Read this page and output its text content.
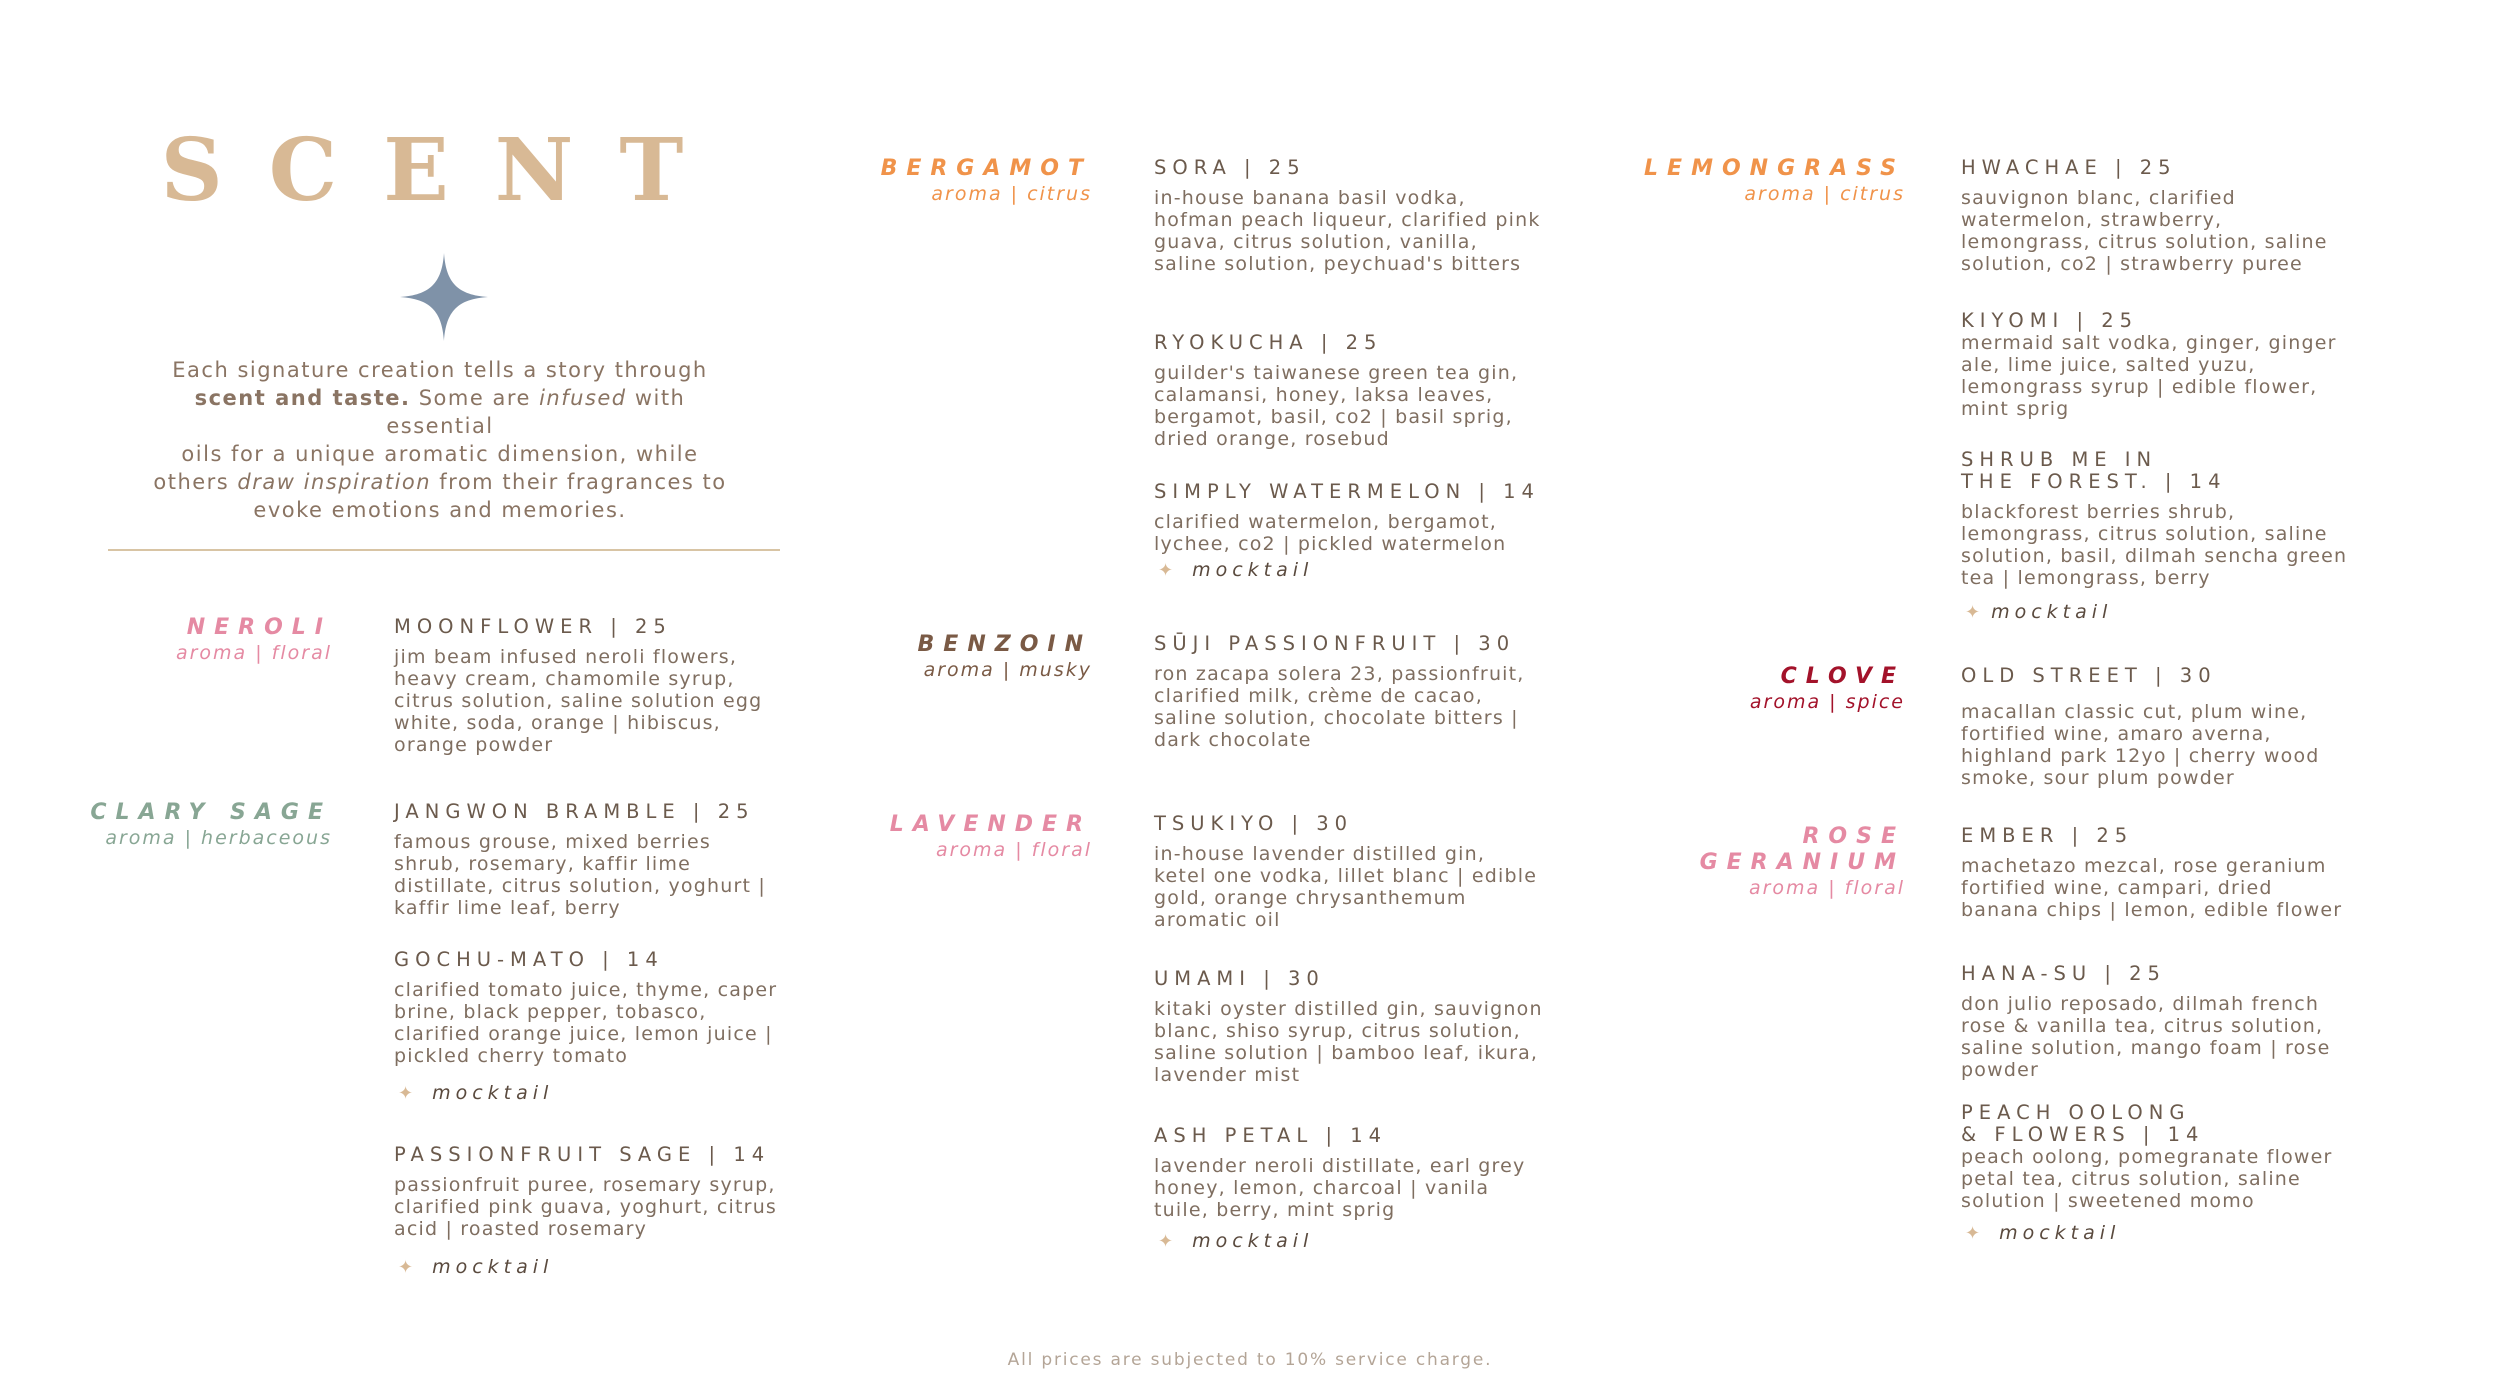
SCENT
Each signature creation tells a story through
scent and taste. Some are infused with essential
oils for a unique aromatic dimension, while
others draw inspiration from their fragrances to
evoke emotions and memories.
NEROLI
aroma | floral
CLARY SAGE
aroma | herbaceous
MOONFLOWER | 25
jim beam infused neroli flowers, heavy cream, chamomile syrup, citrus solution, saline solution egg white, soda, orange | hibiscus, orange powder
JANGWON BRAMBLE | 25
famous grouse, mixed berries shrub, rosemary, kaffir lime distillate, citrus solution, yoghurt | kaffir lime leaf, berry
GOCHU-MATO | 14
clarified tomato juice, thyme, caper brine, black pepper, tobasco, clarified orange juice, lemon juice | pickled cherry tomato
✦ mocktail
PASSIONFRUIT SAGE | 14
passionfruit puree, rosemary syrup, clarified pink guava, yoghurt, citrus acid | roasted rosemary
✦ mocktail
BERGAMOT
aroma | citrus
BENZOIN
aroma | musky
LAVENDER
aroma | floral
SORA | 25
in-house banana basil vodka, hofman peach liqueur, clarified pink guava, citrus solution, vanilla, saline solution, peychuad's bitters
RYOKUCHA | 25
guilder's taiwanese green tea gin, calamansi, honey, laksa leaves, bergamot, basil, co2 | basil sprig, dried orange, rosebud
SIMPLY WATERMELON | 14
clarified watermelon, bergamot, lychee, co2 | pickled watermelon
✦ mocktail
SŪJI PASSIONFRUIT | 30
ron zacapa solera 23, passionfruit, clarified milk, crème de cacao, saline solution, chocolate bitters | dark chocolate
TSUKIYO | 30
in-house lavender distilled gin, ketel one vodka, lillet blanc | edible gold, orange chrysanthemum aromatic oil
UMAMI | 30
kitaki oyster distilled gin, sauvignon blanc, shiso syrup, citrus solution, saline solution | bamboo leaf, ikura, lavender mist
ASH PETAL | 14
lavender neroli distillate, earl grey honey, lemon, charcoal | vanila tuile, berry, mint sprig
✦ mocktail
LEMONGRASS
aroma | citrus
CLOVE
aroma | spice
ROSE
GERANIUM
aroma | floral
HWACHAE | 25
sauvignon blanc, clarified watermelon, strawberry, lemongrass, citrus solution, saline solution, co2 | strawberry puree
KIYOMI | 25
mermaid salt vodka, ginger, ginger ale, lime juice, salted yuzu, lemongrass syrup | edible flower, mint sprig
SHRUB ME IN
THE FOREST. | 14
blackforest berries shrub, lemongrass, citrus solution, saline solution, basil, dilmah sencha green tea | lemongrass, berry
✦ mocktail
OLD STREET | 30
macallan classic cut, plum wine, fortified wine, amaro averna, highland park 12yo | cherry wood smoke, sour plum powder
EMBER | 25
machetazo mezcal, rose geranium fortified wine, campari, dried banana chips | lemon, edible flower
HANA-SU | 25
don julio reposado, dilmah french rose & vanilla tea, citrus solution, saline solution, mango foam | rose powder
PEACH OOLONG
& FLOWERS | 14
peach oolong, pomegranate flower petal tea, citrus solution, saline solution | sweetened momo
✦ mocktail
All prices are subjected to 10% service charge.
